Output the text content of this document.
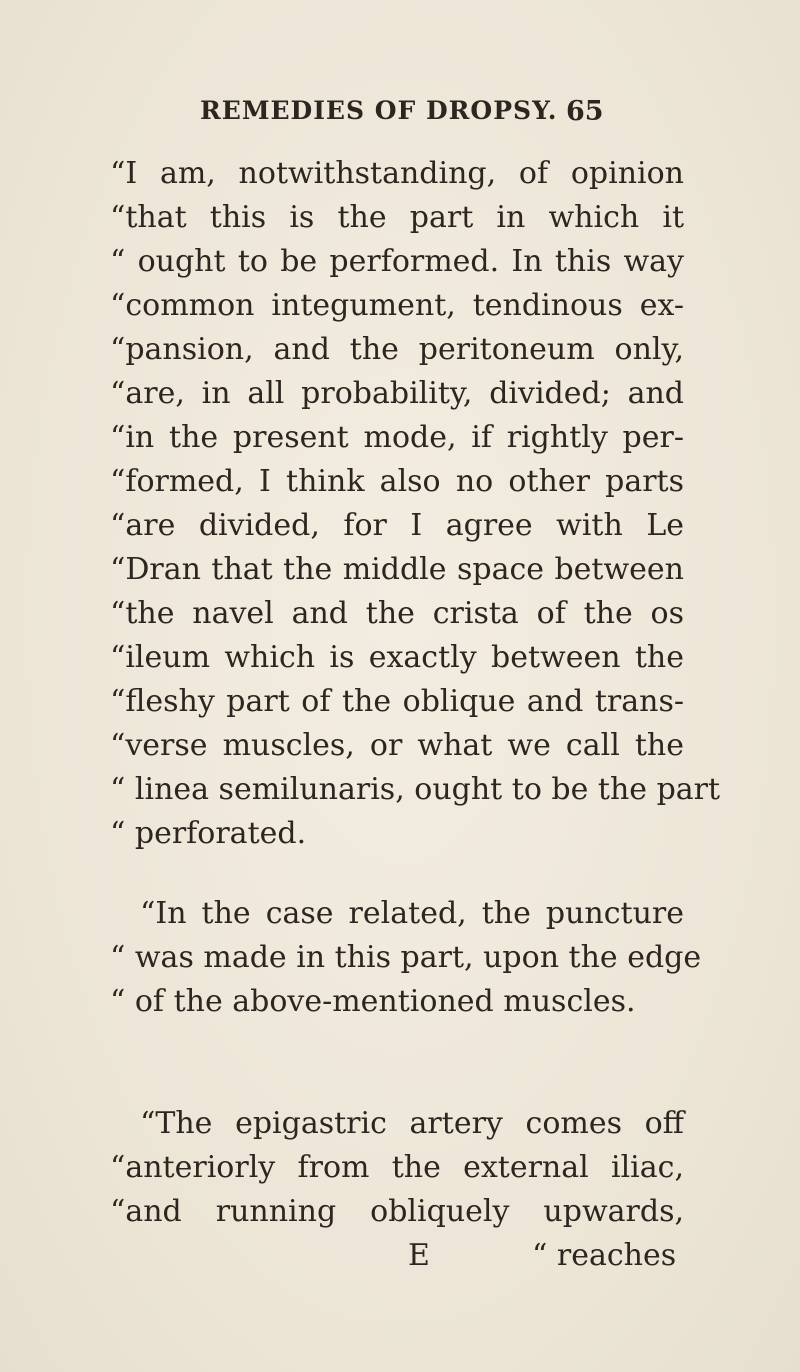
REMEDIES OF DROPSY. 65
“I am, notwithstanding, of opinion
“that this is the part in which it
“ ought to be performed. In this way
“common integument, tendinous ex-
“pansion, and the peritoneum only,
“are, in all probability, divided; and
“in the present mode, if rightly per-
“formed, I think also no other parts
“are divided, for I agree with Le
“Dran that the middle space between
“the navel and the crista of the os
“ileum which is exactly between the
“fleshy part of the oblique and trans-
“verse muscles, or what we call the
“ linea semilunaris, ought to be the part
“ perforated.
“In the case related, the puncture
“ was made in this part, upon the edge
“ of the above-mentioned muscles.
“The epigastric artery comes off
“anteriorly from the external iliac,
“and running obliquely upwards,
E	“ reaches
